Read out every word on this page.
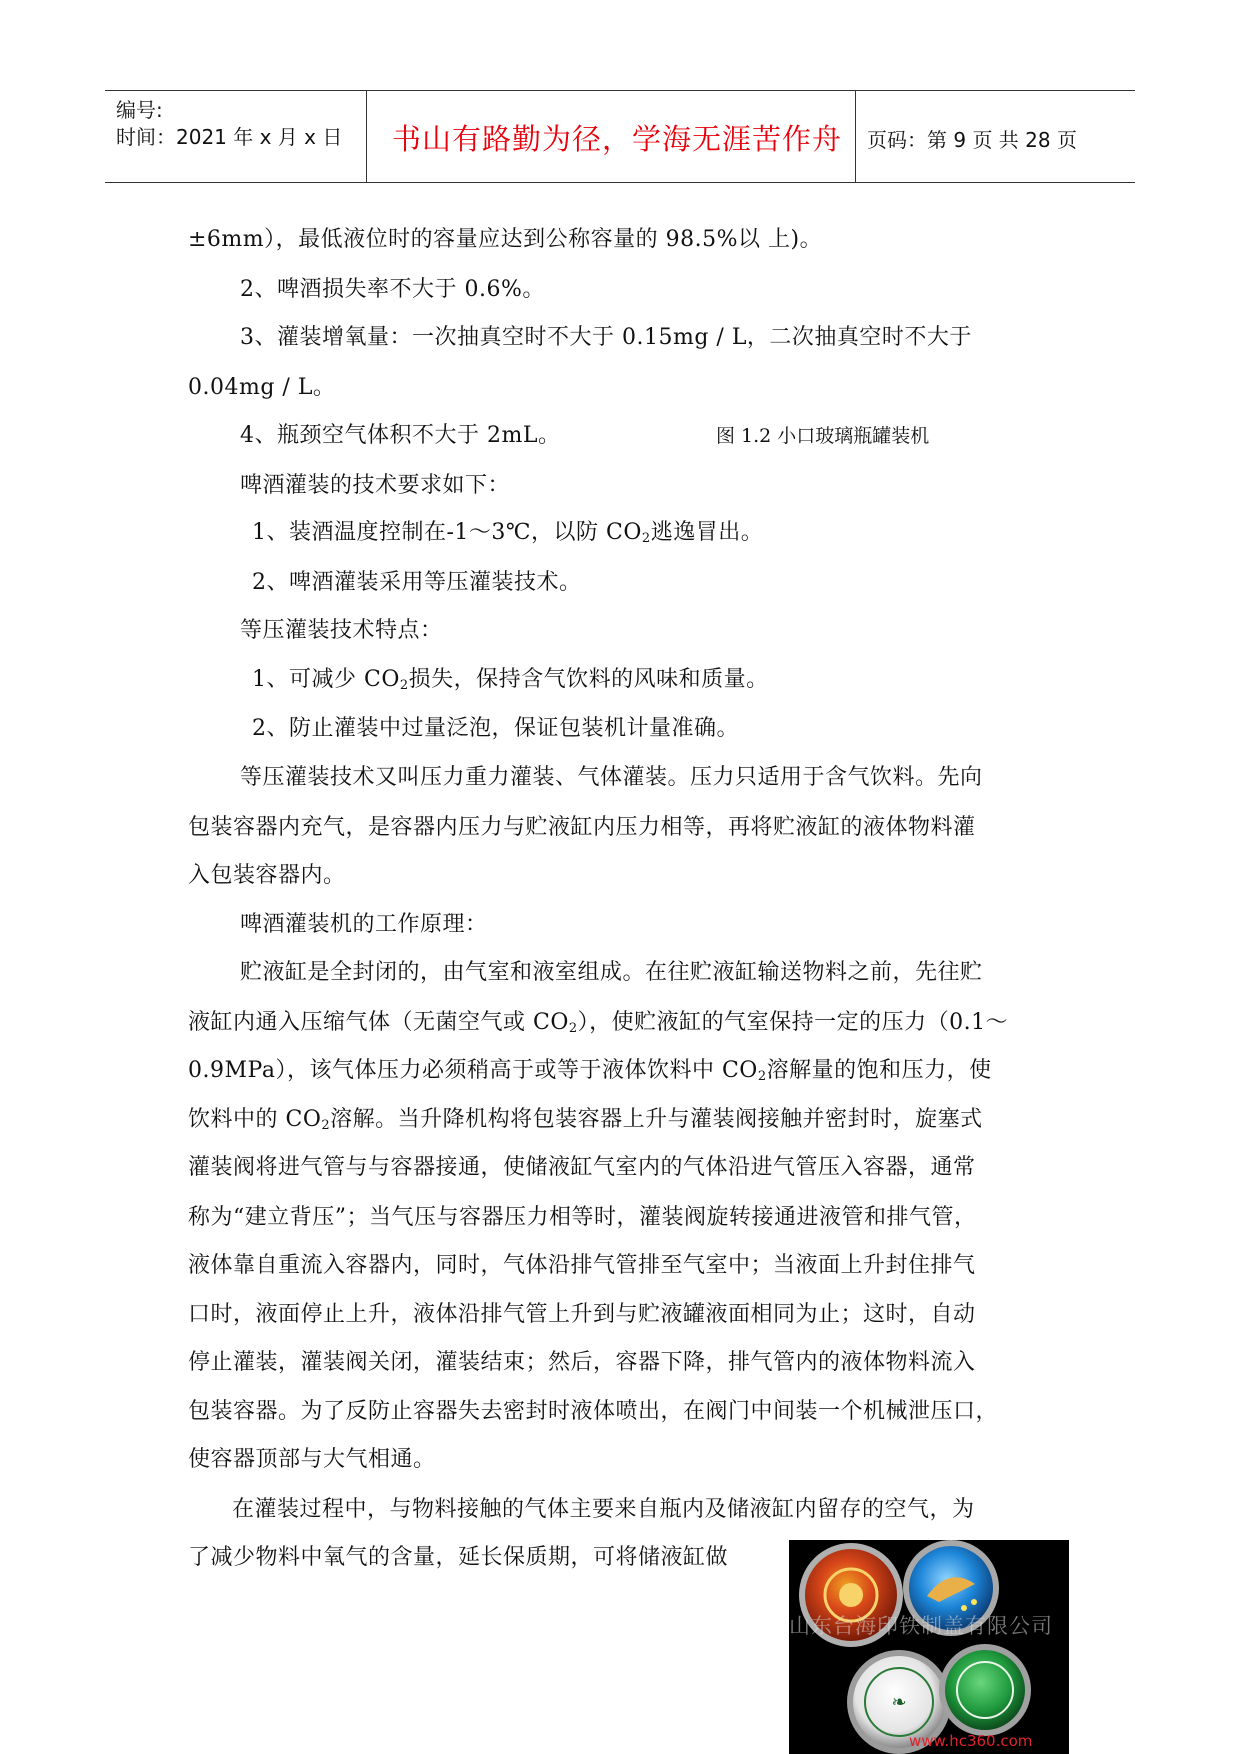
编号:
时间：2021 年 x 月 x 日 书山有路勤为径，学海无涯苦作舟 页码：第 9 页 共 28 页
±6mm），最低液位时的容量应达到公称容量的 98.5%以 上)。
2、啤酒损失率不大于 0.6%。
3、灌装增氧量：一次抽真空时不大于 0.15mg / L，二次抽真空时不大于
0.04mg / L。
4、瓶颈空气体积不大于 2mL。	图 1.2 小口玻璃瓶罐装机
啤酒灌装的技术要求如下：
1、装酒温度控制在-1～3℃，以防 $CO_2$逃逸冒出。
2、啤酒灌装采用等压灌装技术。
等压灌装技术特点：
1、可减少 $CO_2$损失，保持含气饮料的风味和质量。
2、防止灌装中过量泛泡，保证包装机计量准确。
等压灌装技术又叫压力重力灌装、气体灌装。压力只适用于含气饮料。先向
包装容器内充气，是容器内压力与贮液缸内压力相等，再将贮液缸的液体物料灌
入包装容器内。
啤酒灌装机的工作原理：
贮液缸是全封闭的，由气室和液室组成。在往贮液缸输送物料之前，先往贮
液缸内通入压缩气体（无菌空气或 $CO_2$），使贮液缸的气室保持一定的压力（0.1～
0.9MPa），该气体压力必须稍高于或等于液体饮料中 $CO_2$溶解量的饱和压力，使
饮料中的 $CO_2$溶解。当升降机构将包装容器上升与灌装阀接触并密封时，旋塞式
灌装阀将进气管与与容器接通，使储液缸气室内的气体沿进气管压入容器，通常
称为“建立背压”；当气压与容器压力相等时，灌装阀旋转接通进液管和排气管，
液体靠自重流入容器内，同时，气体沿排气管排至气室中；当液面上升封住排气
口时，液面停止上升，液体沿排气管上升到与贮液罐液面相同为止；这时，自动
停止灌装，灌装阀关闭，灌装结束；然后，容器下降，排气管内的液体物料流入
包装容器。为了反防止容器失去密封时液体喷出，在阀门中间装一个机械泄压口，
使容器顶部与大气相通。
在灌装过程中，与物料接触的气体主要来自瓶内及储液缸内留存的空气，为
了减少物料中氧气的含量，延长保质期，可将储液缸做
❧
山东台海印铁制盖有限公司
www.hc360.com
